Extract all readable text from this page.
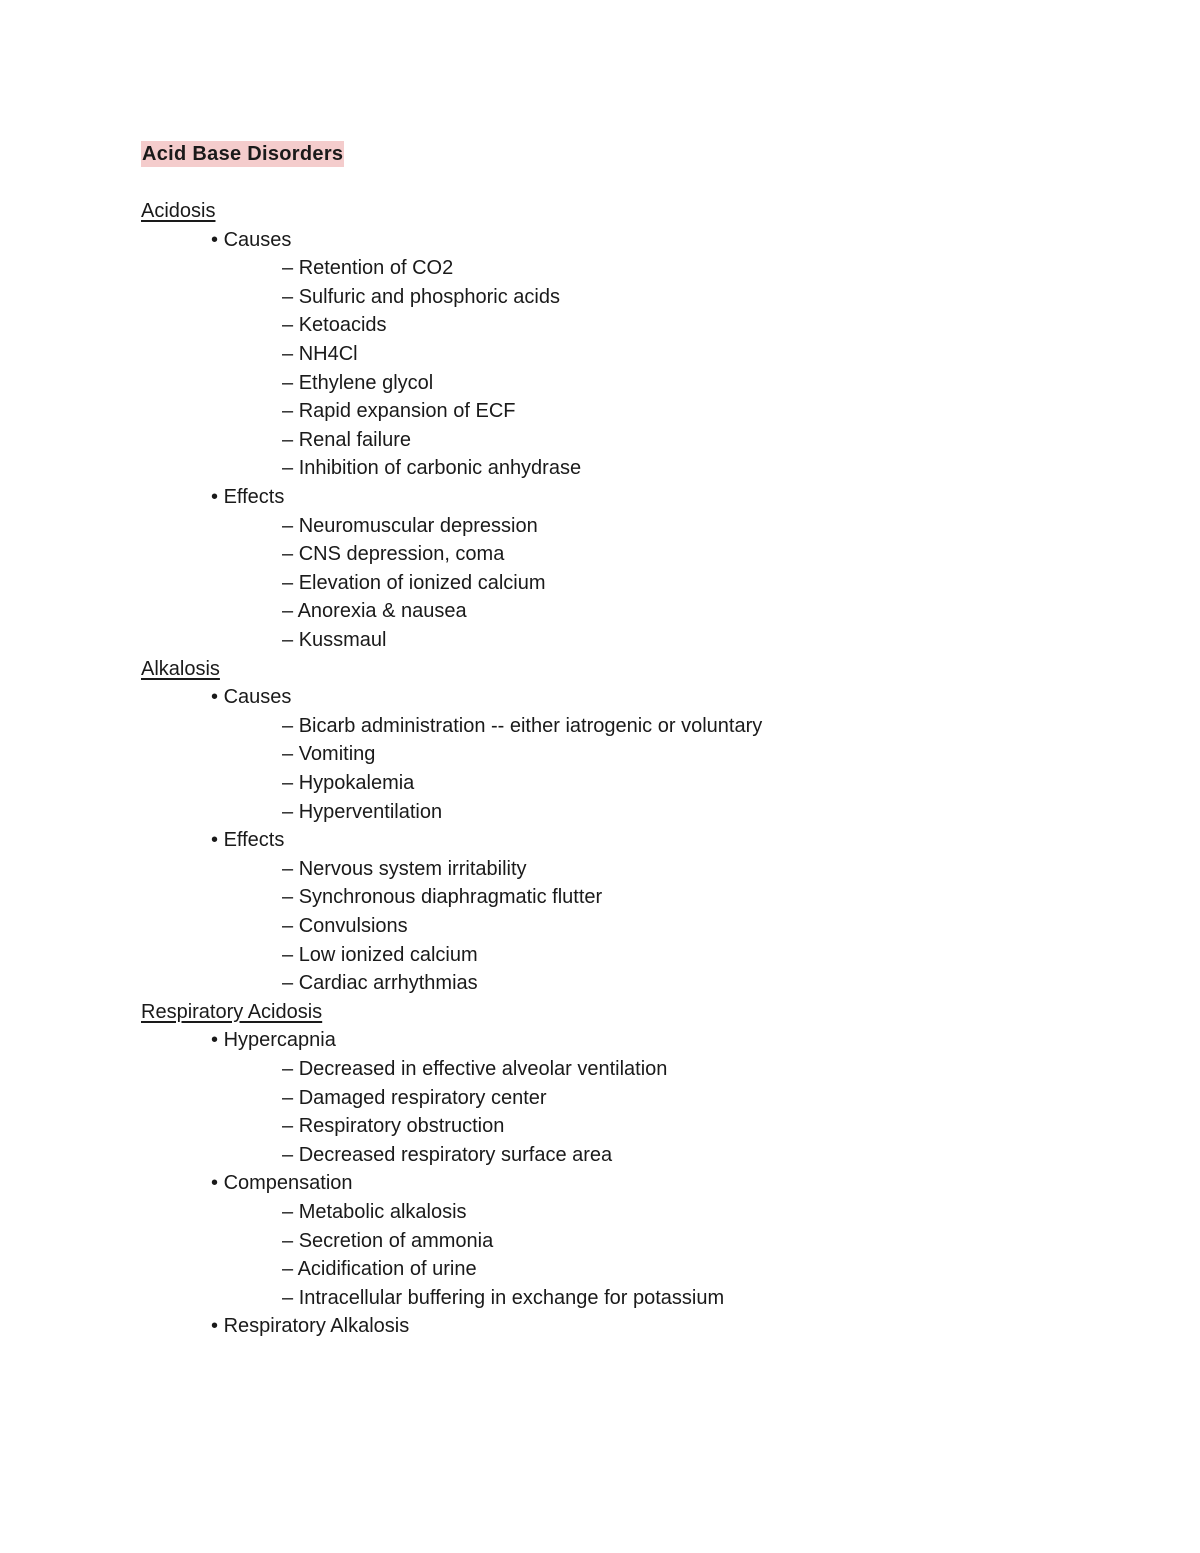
Acid Base Disorders
Acidosis
• Causes
– Retention of CO2
– Sulfuric and phosphoric acids
– Ketoacids
– NH4Cl
– Ethylene glycol
– Rapid expansion of ECF
– Renal failure
– Inhibition of carbonic anhydrase
• Effects
– Neuromuscular depression
– CNS depression, coma
– Elevation of ionized calcium
– Anorexia & nausea
– Kussmaul
Alkalosis
• Causes
– Bicarb administration -- either iatrogenic or voluntary
– Vomiting
– Hypokalemia
– Hyperventilation
• Effects
– Nervous system irritability
– Synchronous diaphragmatic flutter
– Convulsions
– Low ionized calcium
– Cardiac arrhythmias
Respiratory Acidosis
• Hypercapnia
– Decreased in effective alveolar ventilation
– Damaged respiratory center
– Respiratory obstruction
– Decreased respiratory surface area
• Compensation
– Metabolic alkalosis
– Secretion of ammonia
– Acidification of urine
– Intracellular buffering in exchange for potassium
• Respiratory Alkalosis
